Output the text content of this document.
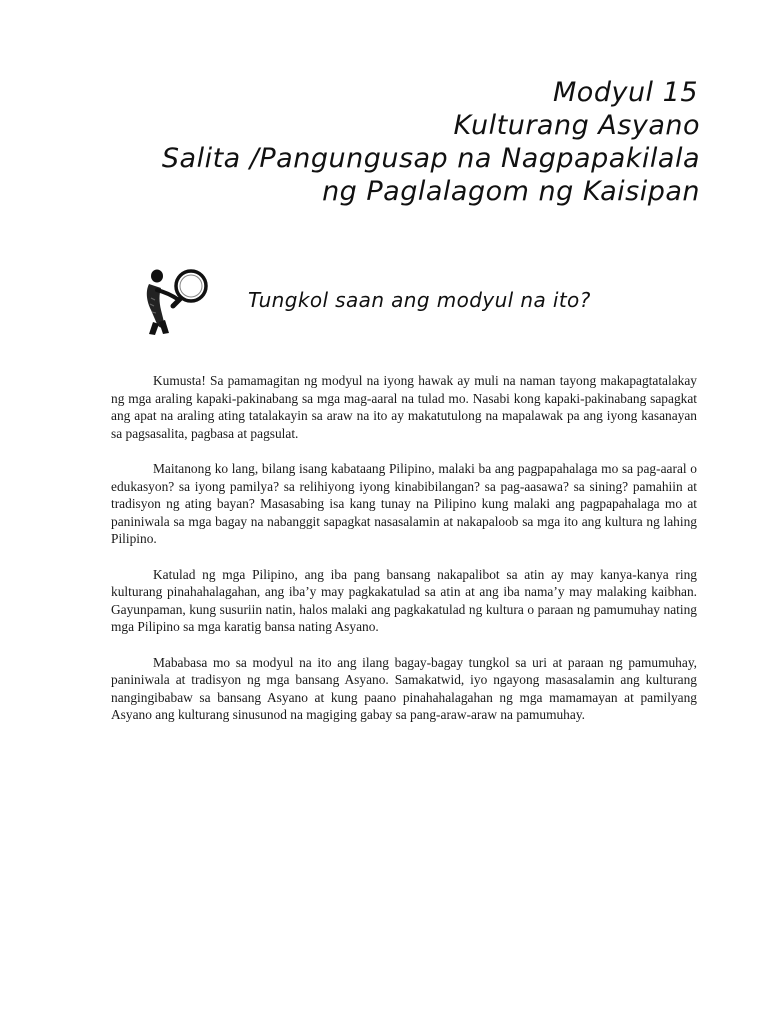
Modyul 15
Kulturang Asyano
Salita /Pangungusap na Nagpapakilala
ng Paglalagom ng Kaisipan
Tungkol saan ang modyul na ito?

Kumusta! Sa pamamagitan ng modyul na iyong hawak ay muli na naman tayong makapagtatalakay ng mga araling kapaki-pakinabang sa mga mag-aaral na tulad mo. Nasabi kong kapaki-pakinabang sapagkat ang apat na araling ating tatalakayin sa araw na ito ay makatutulong na mapalawak pa ang iyong kasanayan sa pagsasalita, pagbasa at pagsulat.

Maitanong ko lang, bilang isang kabataang Pilipino, malaki ba ang pagpapahalaga mo sa pag-aaral o edukasyon? sa iyong pamilya? sa relihiyong iyong kinabibilangan? sa pag-aasawa? sa sining? pamahiin at tradisyon ng ating bayan? Masasabing isa kang tunay na Pilipino kung malaki ang pagpapahalaga mo at paniniwala sa mga bagay na nabanggit sapagkat nasasalamin at nakapaloob sa mga ito ang kultura ng lahing Pilipino.

Katulad ng mga Pilipino, ang iba pang bansang nakapalibot sa atin ay may kanya-kanya ring kulturang pinahahalagahan, ang iba’y may pagkakatulad sa atin at ang iba nama’y may malaking kaibhan. Gayunpaman, kung susuriin natin, halos malaki ang pagkakatulad ng kultura o paraan ng pamumuhay nating mga Pilipino sa mga karatig bansa nating Asyano.

Mababasa mo sa modyul na ito ang ilang bagay-bagay tungkol sa uri at paraan ng pamumuhay, paniniwala at tradisyon ng mga bansang Asyano. Samakatwid, iyo ngayong masasalamin ang kulturang nangingibabaw sa bansang Asyano at kung paano pinahahalagahan ng mga mamamayan at pamilyang Asyano ang kulturang sinusunod na magiging gabay sa pang-araw-araw na pamumuhay.
